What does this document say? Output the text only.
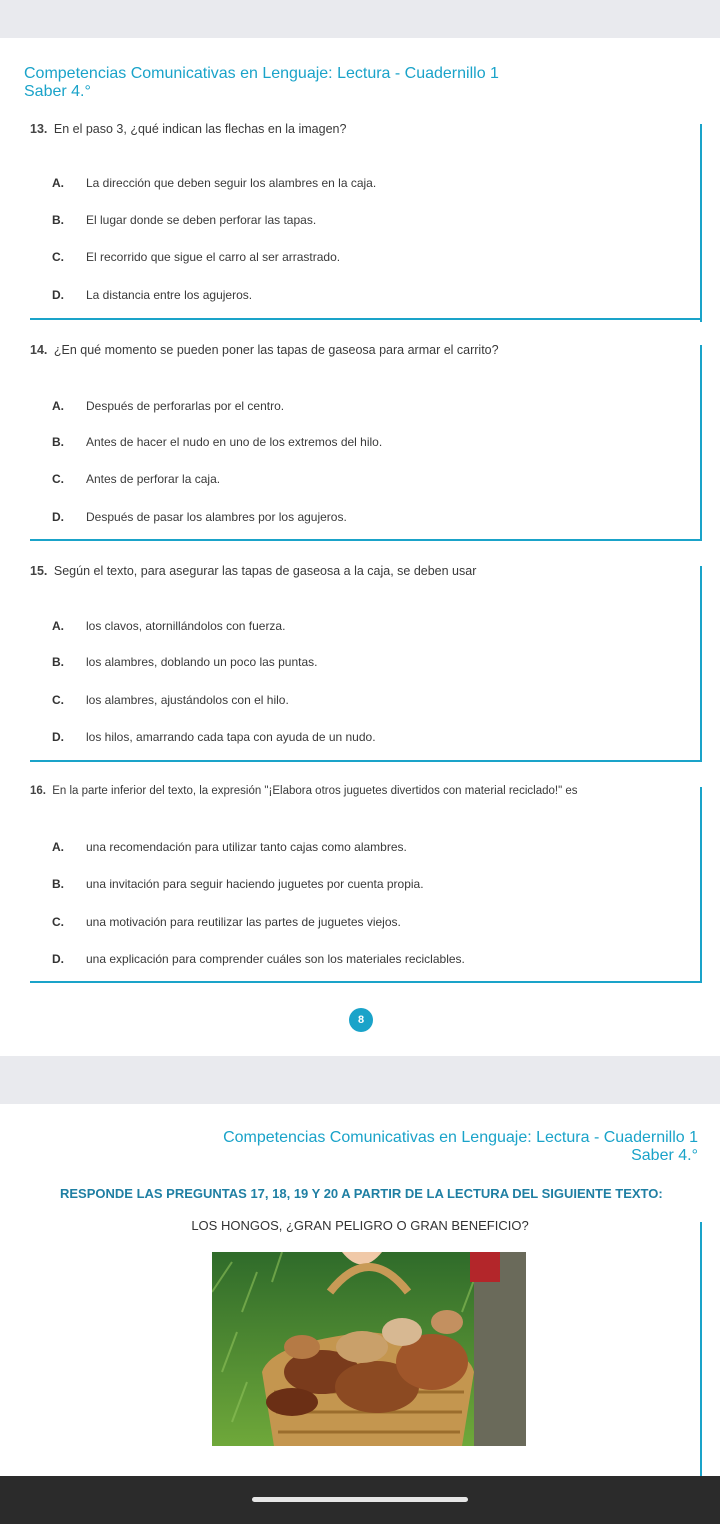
Competencias Comunicativas en Lenguaje: Lectura - Cuadernillo 1
Saber 4.°
13. En el paso 3, ¿qué indican las flechas en la imagen?
A. La dirección que deben seguir los alambres en la caja.
B. El lugar donde se deben perforar las tapas.
C. El recorrido que sigue el carro al ser arrastrado.
D. La distancia entre los agujeros.
14. ¿En qué momento se pueden poner las tapas de gaseosa para armar el carrito?
A. Después de perforarlas por el centro.
B. Antes de hacer el nudo en uno de los extremos del hilo.
C. Antes de perforar la caja.
D. Después de pasar los alambres por los agujeros.
15. Según el texto, para asegurar las tapas de gaseosa a la caja, se deben usar
A. los clavos, atornillándolos con fuerza.
B. los alambres, doblando un poco las puntas.
C. los alambres, ajustándolos con el hilo.
D. los hilos, amarrando cada tapa con ayuda de un nudo.
16. En la parte inferior del texto, la expresión "¡Elabora otros juguetes divertidos con material reciclado!" es
A. una recomendación para utilizar tanto cajas como alambres.
B. una invitación para seguir haciendo juguetes por cuenta propia.
C. una motivación para reutilizar las partes de juguetes viejos.
D. una explicación para comprender cuáles son los materiales reciclables.
8
Competencias Comunicativas en Lenguaje: Lectura - Cuadernillo 1
Saber 4.°
RESPONDE LAS PREGUNTAS 17, 18, 19 Y 20 A PARTIR DE LA LECTURA DEL SIGUIENTE TEXTO:
LOS HONGOS, ¿GRAN PELIGRO O GRAN BENEFICIO?
